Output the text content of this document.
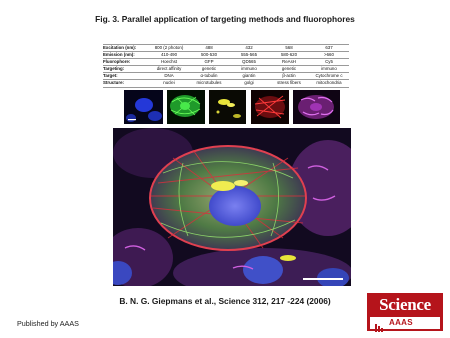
Fig. 3. Parallel application of targeting methods and fluorophores
Excitation (nm):	800 (2 photon)	488	432	568	637
Emission (nm):	410-490	500-530	555-565	580-620	>660
Fluorophore:	Hoechst	GFP	QD565	ReAsH	Cy5
Targeting:	direct affinity	genetic	immuno	genetic	immuno
Target:	DNA	α-tubulin	giantin	β-actin	Cytochrome c
Structure:	nuclei	microtubules	golgi	stress fibers	mitochondria
B. N. G. Giepmans et al., Science 312, 217 -224 (2006)
Published by AAAS
Science
AAAS
